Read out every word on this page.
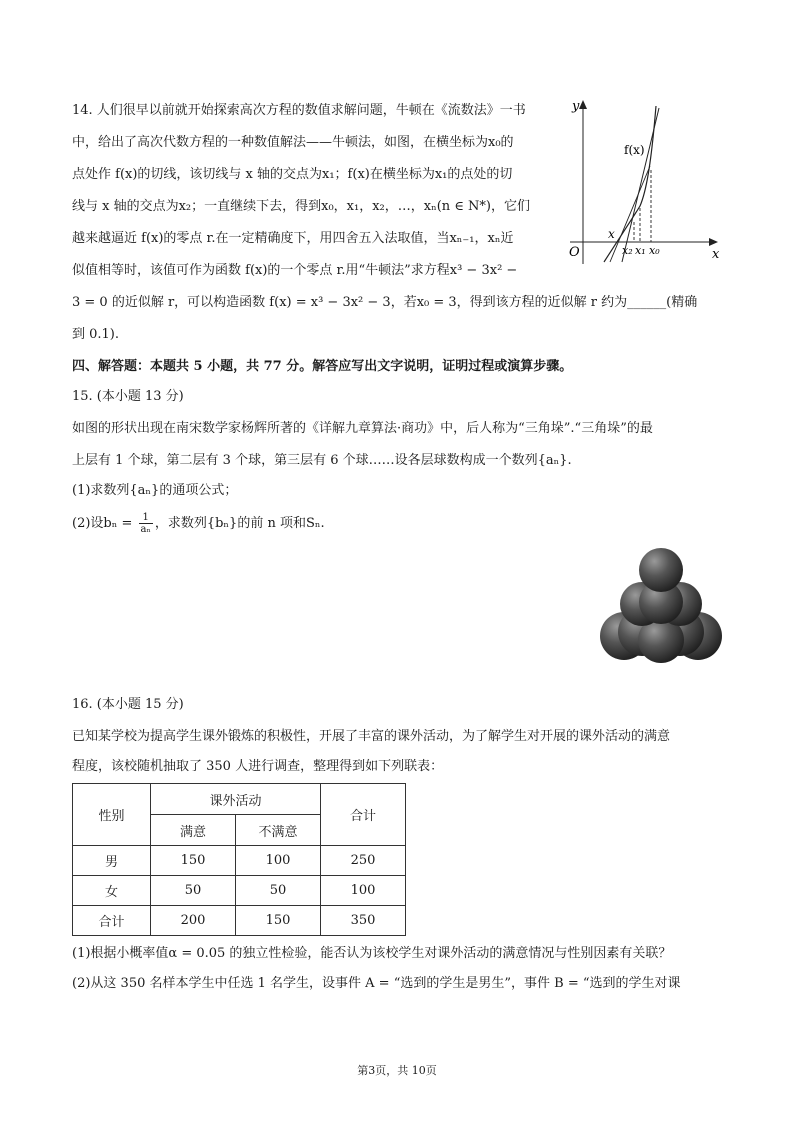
14. 人们很早以前就开始探索高次方程的数值求解问题，牛顿在《流数法》一书
中，给出了高次代数方程的一种数值解法——牛顿法，如图，在横坐标为x₀的
点处作 f(x)的切线，该切线与 x 轴的交点为x₁；f(x)在横坐标为x₁的点处的切
线与 x 轴的交点为x₂；一直继续下去，得到x₀，x₁，x₂，…，xₙ(n ∈ N*)，它们
越来越逼近 f(x)的零点 r.在一定精确度下，用四舍五入法取值，当xₙ₋₁，xₙ近
似值相等时，该值可作为函数 f(x)的一个零点 r.用“牛顿法”求方程x³ − 3x² −
3 = 0 的近似解 r，可以构造函数 f(x) = x³ − 3x² − 3，若x₀ = 3，得到该方程的近似解 r 约为______(精确
到 0.1).
y
x
O
f(x)
x
x₂ x₁ x₀
四、解答题：本题共 5 小题，共 77 分。解答应写出文字说明，证明过程或演算步骤。
15. (本小题 13 分)
如图的形状出现在南宋数学家杨辉所著的《详解九章算法·商功》中，后人称为“三角垛”.“三角垛”的最
上层有 1 个球，第二层有 3 个球，第三层有 6 个球……设各层球数构成一个数列{aₙ}.
(1)求数列{aₙ}的通项公式；
(2)设$b_n = \frac{1}{\text{aₙ}}$ ，求数列{bₙ}的前 n 项和Sₙ.
16. (本小题 15 分)
已知某学校为提高学生课外锻炼的积极性，开展了丰富的课外活动，为了解学生对开展的课外活动的满意
程度，该校随机抽取了 350 人进行调查，整理得到如下列联表：
性别	课外活动		合计
	满意	不满意	
男	150	100	250
女	50	50	100
合计	200	150	350
(1)根据小概率值α = 0.05 的独立性检验，能否认为该校学生对课外活动的满意情况与性别因素有关联？
(2)从这 350 名样本学生中任选 1 名学生，设事件 A = “选到的学生是男生”，事件 B = “选到的学生对课
第3页，共 10页
